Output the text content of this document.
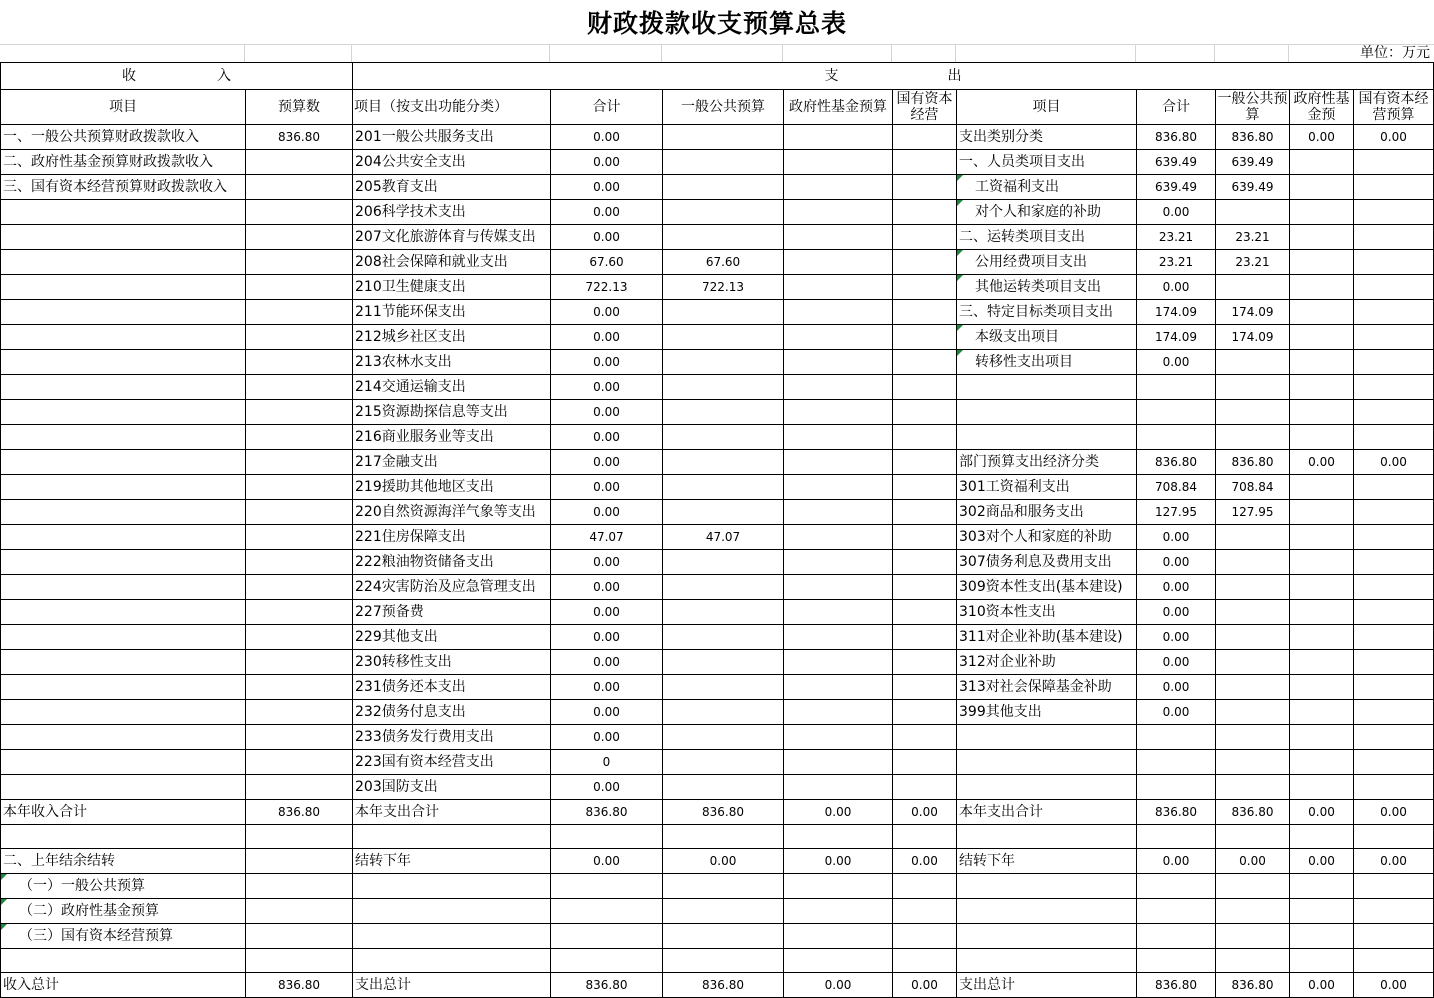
财政拨款收支预算总表
单位：万元
收 入		支 出									
项目	预算数	项目（按支出功能分类）	合计	一般公共预算	政府性基金预算	国有资本经营	项目	合计	一般公共预算	政府性基金预	国有资本经营预算
一、一般公共预算财政拨款收入	836.80	201一般公共服务支出	0.00				支出类别分类	836.80	836.80	0.00	0.00
二、政府性基金预算财政拨款收入		204公共安全支出	0.00				一、人员类项目支出	639.49	639.49		
三、国有资本经营预算财政拨款收入		205教育支出	0.00				工资福利支出	639.49	639.49		
		206科学技术支出	0.00				对个人和家庭的补助	0.00			
		207文化旅游体育与传媒支出	0.00				二、运转类项目支出	23.21	23.21		
		208社会保障和就业支出	67.60	67.60			公用经费项目支出	23.21	23.21		
		210卫生健康支出	722.13	722.13			其他运转类项目支出	0.00			
		211节能环保支出	0.00				三、特定目标类项目支出	174.09	174.09		
		212城乡社区支出	0.00				本级支出项目	174.09	174.09		
		213农林水支出	0.00				转移性支出项目	0.00			
		214交通运输支出	0.00								
		215资源勘探信息等支出	0.00								
		216商业服务业等支出	0.00								
		217金融支出	0.00				部门预算支出经济分类	836.80	836.80	0.00	0.00
		219援助其他地区支出	0.00				301工资福利支出	708.84	708.84		
		220自然资源海洋气象等支出	0.00				302商品和服务支出	127.95	127.95		
		221住房保障支出	47.07	47.07			303对个人和家庭的补助	0.00			
		222粮油物资储备支出	0.00				307债务利息及费用支出	0.00			
		224灾害防治及应急管理支出	0.00				309资本性支出(基本建设)	0.00			
		227预备费	0.00				310资本性支出	0.00			
		229其他支出	0.00				311对企业补助(基本建设)	0.00			
		230转移性支出	0.00				312对企业补助	0.00			
		231债务还本支出	0.00				313对社会保障基金补助	0.00			
		232债务付息支出	0.00				399其他支出	0.00			
		233债务发行费用支出	0.00								
		223国有资本经营支出	0								
		203国防支出	0.00								
本年收入合计	836.80	本年支出合计	836.80	836.80	0.00	0.00	本年支出合计	836.80	836.80	0.00	0.00

二、上年结余结转		结转下年	0.00	0.00	0.00	0.00	结转下年	0.00	0.00	0.00	0.00
（一）一般公共预算											
（二）政府性基金预算											
（三）国有资本经营预算											

收入总计	836.80	支出总计	836.80	836.80	0.00	0.00	支出总计	836.80	836.80	0.00	0.00
